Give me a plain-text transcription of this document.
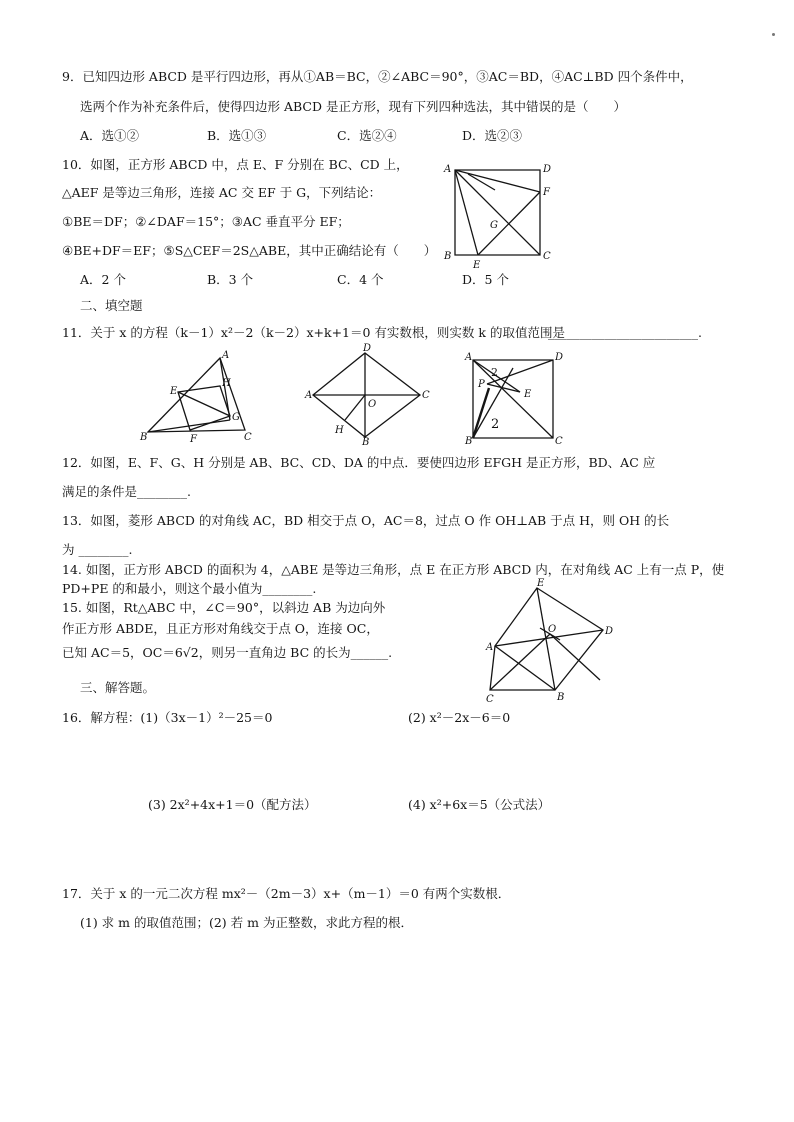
9．已知四边形 ABCD 是平行四边形，再从①AB＝BC，②∠ABC＝90°，③AC＝BD，④AC⊥BD 四个条件中，
选两个作为补充条件后，使得四边形 ABCD 是正方形，现有下列四种选法，其中错误的是（　　）
A．选①②	B．选①③	C．选②④	D．选②③
10．如图，正方形 ABCD 中，点 E、F 分别在 BC、CD 上，
△AEF 是等边三角形，连接 AC 交 EF 于 G，下列结论：
①BE＝DF；②∠DAF＝15°；③AC 垂直平分 EF；
④BE+DF＝EF；⑤S△CEF＝2S△ABE，其中正确结论有（　　）
A．2 个	B．3 个	C．4 个	D．5 个
A	D
F
G
B
E
C
二、填空题
11．关于 x 的方程（k－1）x²－2（k－2）x+k+1＝0 有实数根，则实数 k 的取值范围是
________________________.
A
E
H
G
B	F	C
D
A	C
O
H
B
A	D
P
E
B	C
2
2
12．如图，E、F、G、H 分别是 AB、BC、CD、DA 的中点．要使四边形 EFGH 是正方形，BD、AC 应
满足的条件是________.
13．如图，菱形 ABCD 的对角线 AC，BD 相交于点 O，AC＝8，过点 O 作 OH⊥AB 于点 H，则 OH 的长
为 ________.
14. 如图，正方形 ABCD 的面积为 4，△ABE 是等边三角形，点 E 在正方形 ABCD 内，在对角线 AC 上有一点 P，使
PD+PE 的和最小，则这个最小值为________.
15. 如图，Rt△ABC 中，∠C＝90°，以斜边 AB 为边向外
作正方形 ABDE，且正方形对角线交于点 O，连接 OC，
已知 AC＝5，OC＝6√2，则另一直角边 BC 的长为______.
E
D
O
A
C	B
三、解答题。
16．解方程：(1)（3x－1）²－25＝0	(2) x²－2x－6＝0
(3) 2x²+4x+1＝0（配方法）	(4) x²+6x＝5（公式法）
17．关于 x 的一元二次方程 mx²－（2m－3）x+（m－1）＝0 有两个实数根．
(1) 求 m 的取值范围；(2) 若 m 为正整数，求此方程的根．
